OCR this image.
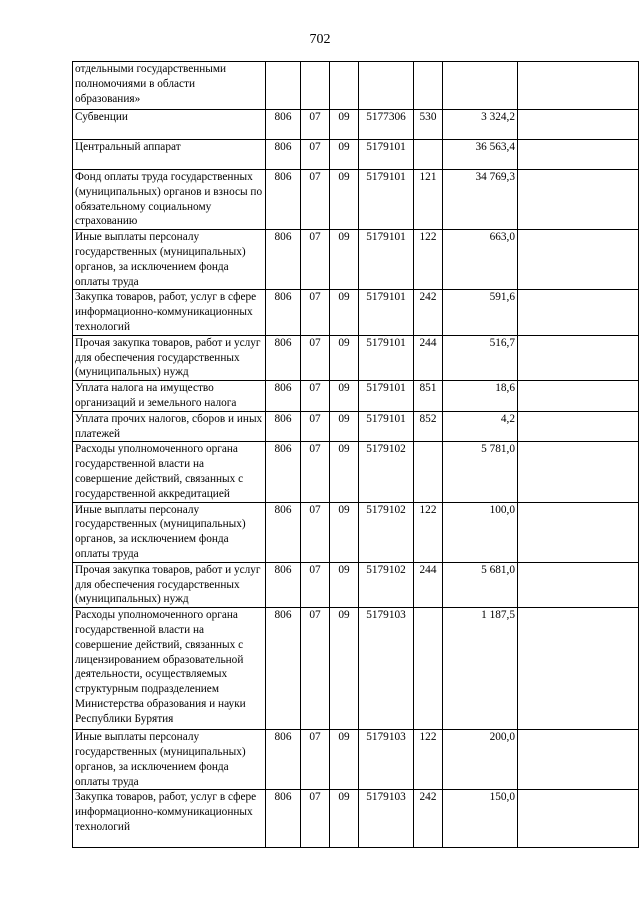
702
отдельными государственными полномочиями в области образования»							
Субвенции	806	07	09	5177306	530	3 324,2	
Центральный аппарат	806	07	09	5179101		36 563,4	
Фонд оплаты труда государственных (муниципальных) органов и взносы по обязательному социальному страхованию	806	07	09	5179101	121	34 769,3	
Иные выплаты персоналу государственных (муниципальных) органов, за исключением фонда оплаты труда	806	07	09	5179101	122	663,0	
Закупка товаров, работ, услуг в сфере информационно-коммуникационных технологий	806	07	09	5179101	242	591,6	
Прочая закупка товаров, работ и услуг для обеспечения государственных (муниципальных) нужд	806	07	09	5179101	244	516,7	
Уплата налога на имущество организаций и земельного налога	806	07	09	5179101	851	18,6	
Уплата прочих налогов, сборов и иных платежей	806	07	09	5179101	852	4,2	
Расходы уполномоченного органа государственной власти на совершение действий, связанных с государственной аккредитацией	806	07	09	5179102		5 781,0	
Иные выплаты персоналу государственных (муниципальных) органов, за исключением фонда оплаты труда	806	07	09	5179102	122	100,0	
Прочая закупка товаров, работ и услуг для обеспечения государственных (муниципальных) нужд	806	07	09	5179102	244	5 681,0	
Расходы уполномоченного органа государственной власти на совершение действий, связанных с лицензированием образовательной деятельности, осуществляемых структурным подразделением Министерства образования и науки Республики Бурятия	806	07	09	5179103		1 187,5	
Иные выплаты персоналу государственных (муниципальных) органов, за исключением фонда оплаты труда	806	07	09	5179103	122	200,0	
Закупка товаров, работ, услуг в сфере информационно-коммуникационных технологий	806	07	09	5179103	242	150,0	
